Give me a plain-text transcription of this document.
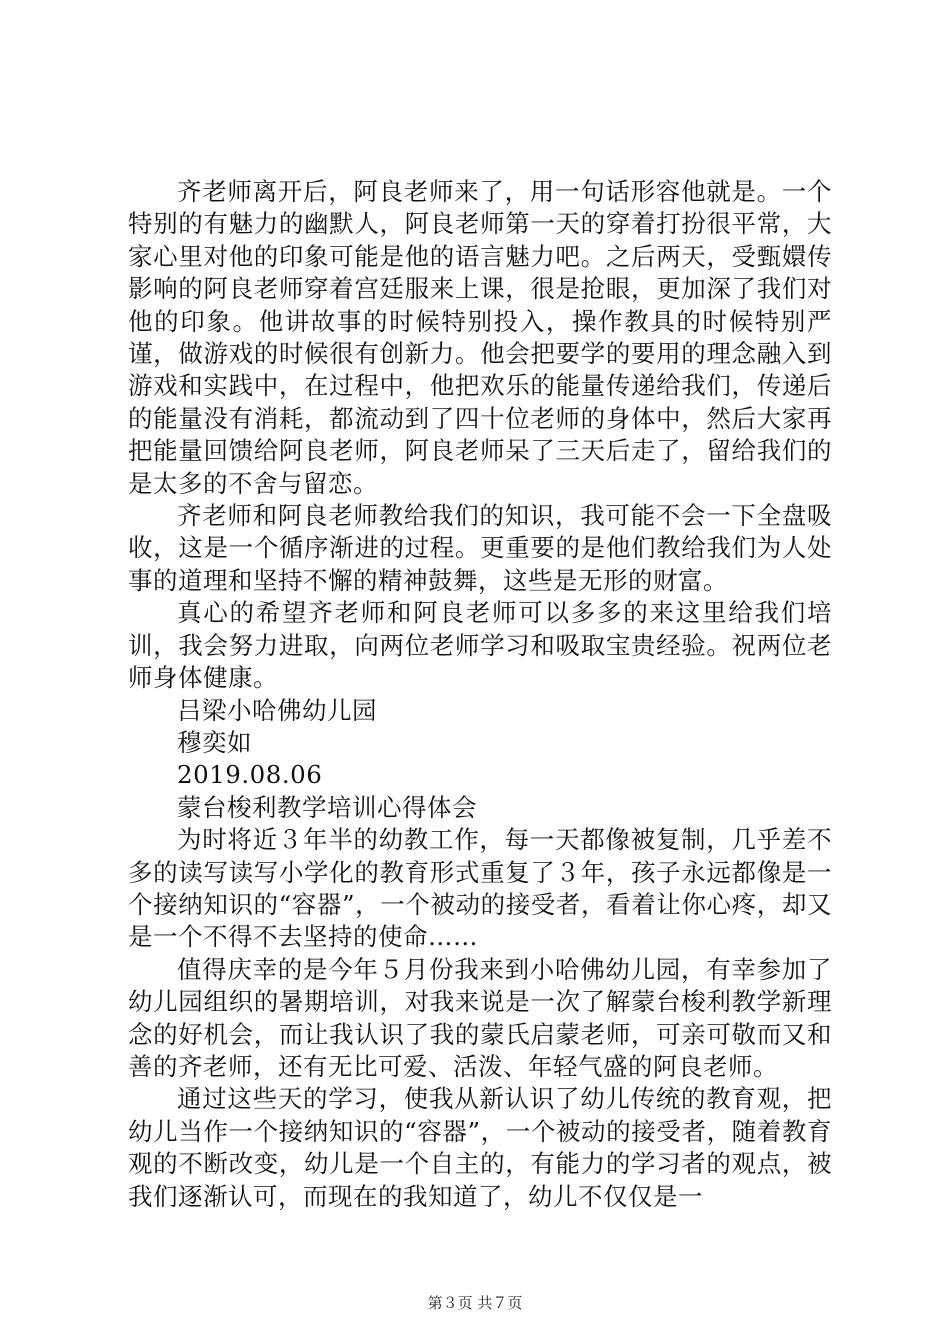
齐老师离开后，阿良老师来了，用一句话形容他就是。一个特别的有魅力的幽默人，阿良老师第一天的穿着打扮很平常，大家心里对他的印象可能是他的语言魅力吧。之后两天，受甄嬛传影响的阿良老师穿着宫廷服来上课，很是抢眼，更加深了我们对他的印象。他讲故事的时候特别投入，操作教具的时候特别严谨，做游戏的时候很有创新力。他会把要学的要用的理念融入到游戏和实践中，在过程中，他把欢乐的能量传递给我们，传递后的能量没有消耗，都流动到了四十位老师的身体中，然后大家再把能量回馈给阿良老师，阿良老师呆了三天后走了，留给我们的是太多的不舍与留恋。

齐老师和阿良老师教给我们的知识，我可能不会一下全盘吸收，这是一个循序渐进的过程。更重要的是他们教给我们为人处事的道理和坚持不懈的精神鼓舞，这些是无形的财富。

真心的希望齐老师和阿良老师可以多多的来这里给我们培训，我会努力进取，向两位老师学习和吸取宝贵经验。祝两位老师身体健康。

吕梁小哈佛幼儿园

穆奕如

2019.08.06

蒙台梭利教学培训心得体会

为时将近３年半的幼教工作，每一天都像被复制，几乎差不多的读写读写小学化的教育形式重复了３年，孩子永远都像是一个接纳知识的“容器”，一个被动的接受者，看着让你心疼，却又是一个不得不去坚持的使命……

值得庆幸的是今年５月份我来到小哈佛幼儿园，有幸参加了幼儿园组织的暑期培训，对我来说是一次了解蒙台梭利教学新理念的好机会，而让我认识了我的蒙氏启蒙老师，可亲可敬而又和善的齐老师，还有无比可爱、活泼、年轻气盛的阿良老师。

通过这些天的学习，使我从新认识了幼儿传统的教育观，把幼儿当作一个接纳知识的“容器”，一个被动的接受者，随着教育观的不断改变，幼儿是一个自主的，有能力的学习者的观点，被我们逐渐认可，而现在的我知道了，幼儿不仅仅是一

第３页 共７页
